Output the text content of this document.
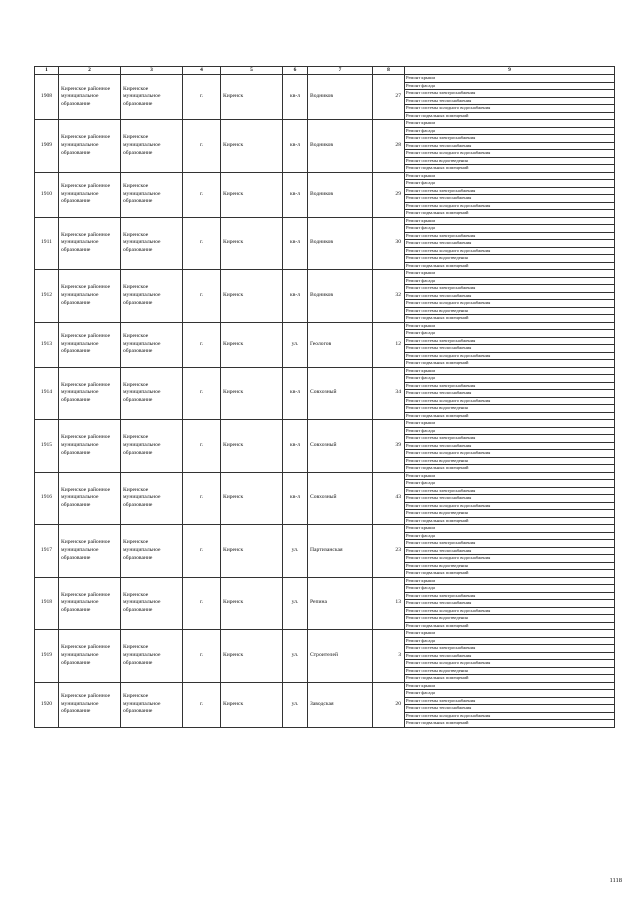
1	2	3	4	5	6	7	8	9
1908	Киренское районное муниципальное образование	Киренское муниципальное образование	г.	Киренск	кв-л	Водников	27	Ремонт крыши
								Ремонт фасада
								Ремонт системы электроснабжения
								Ремонт системы теплоснабжения
								Ремонт системы холодного водоснабжения
								Ремонт подвальных помещений
1909	Киренское районное муниципальное образование	Киренское муниципальное образование	г.	Киренск	кв-л	Водников	28	Ремонт крыши
								Ремонт фасада
								Ремонт системы электроснабжения
								Ремонт системы теплоснабжения
								Ремонт системы холодного водоснабжения
								Ремонт системы водоотведения
								Ремонт подвальных помещений
1910	Киренское районное муниципальное образование	Киренское муниципальное образование	г.	Киренск	кв-л	Водников	29	Ремонт крыши
								Ремонт фасада
								Ремонт системы электроснабжения
								Ремонт системы теплоснабжения
								Ремонт системы холодного водоснабжения
								Ремонт подвальных помещений
1911	Киренское районное муниципальное образование	Киренское муниципальное образование	г.	Киренск	кв-л	Водников	30	Ремонт крыши
								Ремонт фасада
								Ремонт системы электроснабжения
								Ремонт системы теплоснабжения
								Ремонт системы холодного водоснабжения
								Ремонт системы водоотведения
								Ремонт подвальных помещений
1912	Киренское районное муниципальное образование	Киренское муниципальное образование	г.	Киренск	кв-л	Водников	32	Ремонт крыши
								Ремонт фасада
								Ремонт системы электроснабжения
								Ремонт системы теплоснабжения
								Ремонт системы холодного водоснабжения
								Ремонт системы водоотведения
								Ремонт подвальных помещений
1913	Киренское районное муниципальное образование	Киренское муниципальное образование	г.	Киренск	ул.	Геологов	12	Ремонт крыши
								Ремонт фасада
								Ремонт системы электроснабжения
								Ремонт системы теплоснабжения
								Ремонт системы холодного водоснабжения
								Ремонт подвальных помещений
1914	Киренское районное муниципальное образование	Киренское муниципальное образование	г.	Киренск	кв-л	Совхозный	34	Ремонт крыши
								Ремонт фасада
								Ремонт системы электроснабжения
								Ремонт системы теплоснабжения
								Ремонт системы холодного водоснабжения
								Ремонт системы водоотведения
								Ремонт подвальных помещений
1915	Киренское районное муниципальное образование	Киренское муниципальное образование	г.	Киренск	кв-л	Совхозный	39	Ремонт крыши
								Ремонт фасада
								Ремонт системы электроснабжения
								Ремонт системы теплоснабжения
								Ремонт системы холодного водоснабжения
								Ремонт системы водоотведения
								Ремонт подвальных помещений
1916	Киренское районное муниципальное образование	Киренское муниципальное образование	г.	Киренск	кв-л	Совхозный	43	Ремонт крыши
								Ремонт фасада
								Ремонт системы электроснабжения
								Ремонт системы теплоснабжения
								Ремонт системы холодного водоснабжения
								Ремонт системы водоотведения
								Ремонт подвальных помещений
1917	Киренское районное муниципальное образование	Киренское муниципальное образование	г.	Киренск	ул.	Партизанская	23	Ремонт крыши
								Ремонт фасада
								Ремонт системы электроснабжения
								Ремонт системы теплоснабжения
								Ремонт системы холодного водоснабжения
								Ремонт системы водоотведения
								Ремонт подвальных помещений
1918	Киренское районное муниципальное образование	Киренское муниципальное образование	г.	Киренск	ул.	Репина	13	Ремонт крыши
								Ремонт фасада
								Ремонт системы электроснабжения
								Ремонт системы теплоснабжения
								Ремонт системы холодного водоснабжения
								Ремонт системы водоотведения
								Ремонт подвальных помещений
1919	Киренское районное муниципальное образование	Киренское муниципальное образование	г.	Киренск	ул.	Строителей	3	Ремонт крыши
								Ремонт фасада
								Ремонт системы электроснабжения
								Ремонт системы теплоснабжения
								Ремонт системы холодного водоснабжения
								Ремонт системы водоотведения
								Ремонт подвальных помещений
1920	Киренское районное муниципальное образование	Киренское муниципальное образование	г.	Киренск	ул.	Заводская	20	Ремонт крыши
								Ремонт фасада
								Ремонт системы электроснабжения
								Ремонт системы теплоснабжения
								Ремонт системы холодного водоснабжения
								Ремонт подвальных помещений
1118
